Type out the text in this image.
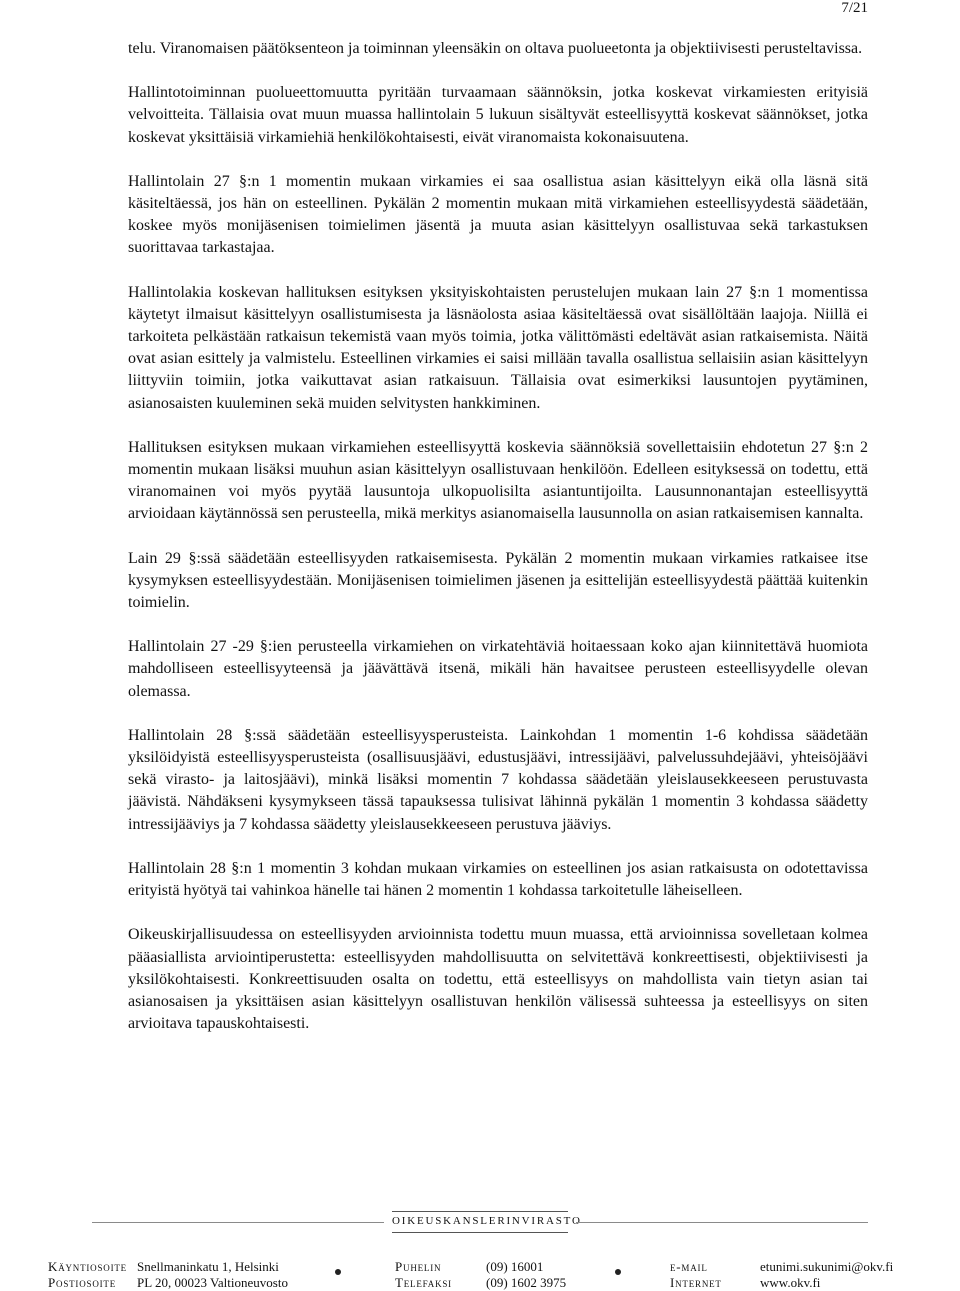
7/21

telu. Viranomaisen päätöksenteon ja toiminnan yleensäkin on oltava puolueetonta ja objektiivisesti perusteltavissa.

Hallintotoiminnan puolueettomuutta pyritään turvaamaan säännöksin, jotka koskevat virkamiesten erityisiä velvoitteita. Tällaisia ovat muun muassa hallintolain 5 lukuun sisältyvät esteellisyyttä koskevat säännökset, jotka koskevat yksittäisiä virkamiehiä henkilökohtaisesti, eivät viranomaista kokonaisuutena.

Hallintolain 27 §:n 1 momentin mukaan virkamies ei saa osallistua asian käsittelyyn eikä olla läsnä sitä käsiteltäessä, jos hän on esteellinen. Pykälän 2 momentin mukaan mitä virkamiehen esteellisyydestä säädetään, koskee myös monijäsenisen toimielimen jäsentä ja muuta asian käsittelyyn osallistuvaa sekä tarkastuksen suorittavaa tarkastajaa.

Hallintolakia koskevan hallituksen esityksen yksityiskohtaisten perustelujen mukaan lain 27 §:n 1 momentissa käytetyt ilmaisut käsittelyyn osallistumisesta ja läsnäolosta asiaa käsiteltäessä ovat sisällöltään laajoja. Niillä ei tarkoiteta pelkästään ratkaisun tekemistä vaan myös toimia, jotka välittömästi edeltävät asian ratkaisemista. Näitä ovat asian esittely ja valmistelu. Esteellinen virkamies ei saisi millään tavalla osallistua sellaisiin asian käsittelyyn liittyviin toimiin, jotka vaikuttavat asian ratkaisuun. Tällaisia ovat esimerkiksi lausuntojen pyytäminen, asianosaisten kuuleminen sekä muiden selvitysten hankkiminen.

Hallituksen esityksen mukaan virkamiehen esteellisyyttä koskevia säännöksiä sovellettaisiin ehdotetun 27 §:n 2 momentin mukaan lisäksi muuhun asian käsittelyyn osallistuvaan henkilöön. Edelleen esityksessä on todettu, että viranomainen voi myös pyytää lausuntoja ulkopuolisilta asiantuntijoilta. Lausunnonantajan esteellisyyttä arvioidaan käytännössä sen perusteella, mikä merkitys asianomaisella lausunnolla on asian ratkaisemisen kannalta.

Lain 29 §:ssä säädetään esteellisyyden ratkaisemisesta. Pykälän 2 momentin mukaan virkamies ratkaisee itse kysymyksen esteellisyydestään. Monijäsenisen toimielimen jäsenen ja esittelijän esteellisyydestä päättää kuitenkin toimielin.

Hallintolain 27 -29 §:ien perusteella virkamiehen on virkatehtäviä hoitaessaan koko ajan kiinnitettävä huomiota mahdolliseen esteellisyyteensä ja jäävättävä itsenä, mikäli hän havaitsee perusteen esteellisyydelle olevan olemassa.

Hallintolain 28 §:ssä säädetään esteellisyysperusteista. Lainkohdan 1 momentin 1-6 kohdissa säädetään yksilöidyistä esteellisyysperusteista (osallisuusjäävi, edustusjäävi, intressijäävi, palvelussuhdejäävi, yhteisöjäävi sekä virasto- ja laitosjäävi), minkä lisäksi momentin 7 kohdassa säädetään yleislausekkeeseen perustuvasta jäävistä. Nähdäkseni kysymykseen tässä tapauksessa tulisivat lähinnä pykälän 1 momentin 3 kohdassa säädetty intressijääviys ja 7 kohdassa säädetty yleislausekkeeseen perustuva jääviys.

Hallintolain 28 §:n 1 momentin 3 kohdan mukaan virkamies on esteellinen jos asian ratkaisusta on odotettavissa erityistä hyötyä tai vahinkoa hänelle tai hänen 2 momentin 1 kohdassa tarkoitetulle läheiselleen.

Oikeuskirjallisuudessa on esteellisyyden arvioinnista todettu muun muassa, että arvioinnissa sovelletaan kolmea pääasiallista arviointiperustetta: esteellisyyden mahdollisuutta on selvitettävä konkreettisesti, objektiivisesti ja yksilökohtaisesti. Konkreettisuuden osalta on todettu, että esteellisyys on mahdollista vain tietyn asian tai asianosaisen ja yksittäisen asian käsittelyyn osallistuvan henkilön välisessä suhteessa ja esteellisyys on siten arvioitava tapauskohtaisesti.

OIKEUSKANSLERINVIRASTO
Käyntiosoite Snellmaninkatu 1, Helsinki
Postiosoite PL 20, 00023 Valtioneuvosto
Puhelin	(09) 16001
Telefaksi	(09) 1602 3975
e-mail	etunimi.sukunimi@okv.fi
Internet	www.okv.fi
